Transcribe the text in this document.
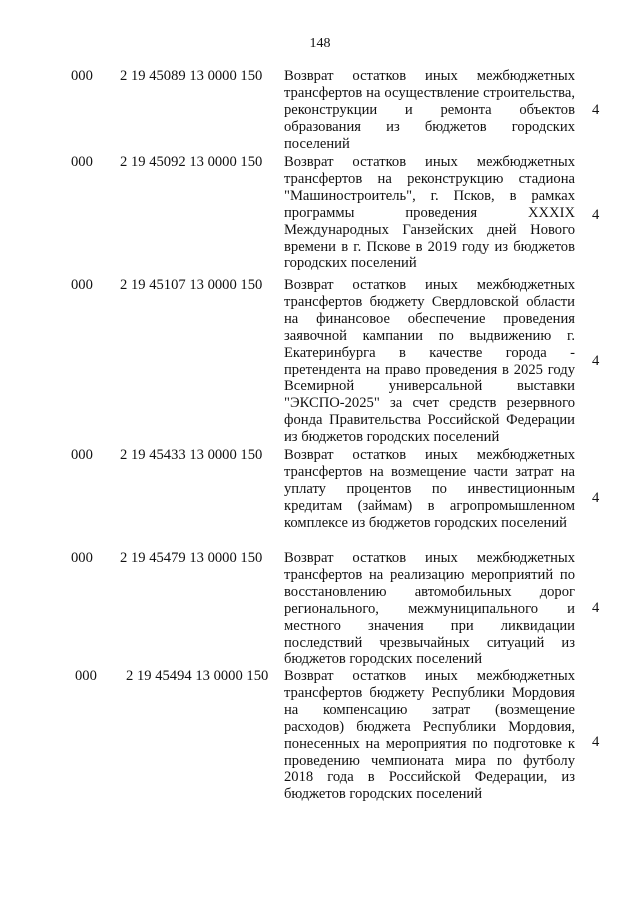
148
000 2 19 45089 13 0000 150 Возврат остатков иных межбюджетных трансфертов на осуществление строительства, реконструкции и ремонта объектов образования из бюджетов городских поселений
4
000 2 19 45092 13 0000 150 Возврат остатков иных межбюджетных трансфертов на реконструкцию стадиона "Машиностроитель", г. Псков, в рамках программы проведения XXXIX Международных Ганзейских дней Нового времени в г. Пскове в 2019 году из бюджетов городских поселений
4
000 2 19 45107 13 0000 150 Возврат остатков иных межбюджетных трансфертов бюджету Свердловской области на финансовое обеспечение проведения заявочной кампании по выдвижению г. Екатеринбурга в качестве города - претендента на право проведения в 2025 году Всемирной универсальной выставки "ЭКСПО-2025" за счет средств резервного фонда Правительства Российской Федерации из бюджетов городских поселений
4
000 2 19 45433 13 0000 150 Возврат остатков иных межбюджетных трансфертов на возмещение части затрат на уплату процентов по инвестиционным кредитам (займам) в агропромышленном комплексе из бюджетов городских поселений
4
000 2 19 45479 13 0000 150 Возврат остатков иных межбюджетных трансфертов на реализацию мероприятий по восстановлению автомобильных дорог регионального, межмуниципального и местного значения при ликвидации последствий чрезвычайных ситуаций из бюджетов городских поселений
4
000 2 19 45494 13 0000 150 Возврат остатков иных межбюджетных трансфертов бюджету Республики Мордовия на компенсацию затрат (возмещение расходов) бюджета Республики Мордовия, понесенных на мероприятия по подготовке к проведению чемпионата мира по футболу 2018 года в Российской Федерации, из бюджетов городских поселений
4
